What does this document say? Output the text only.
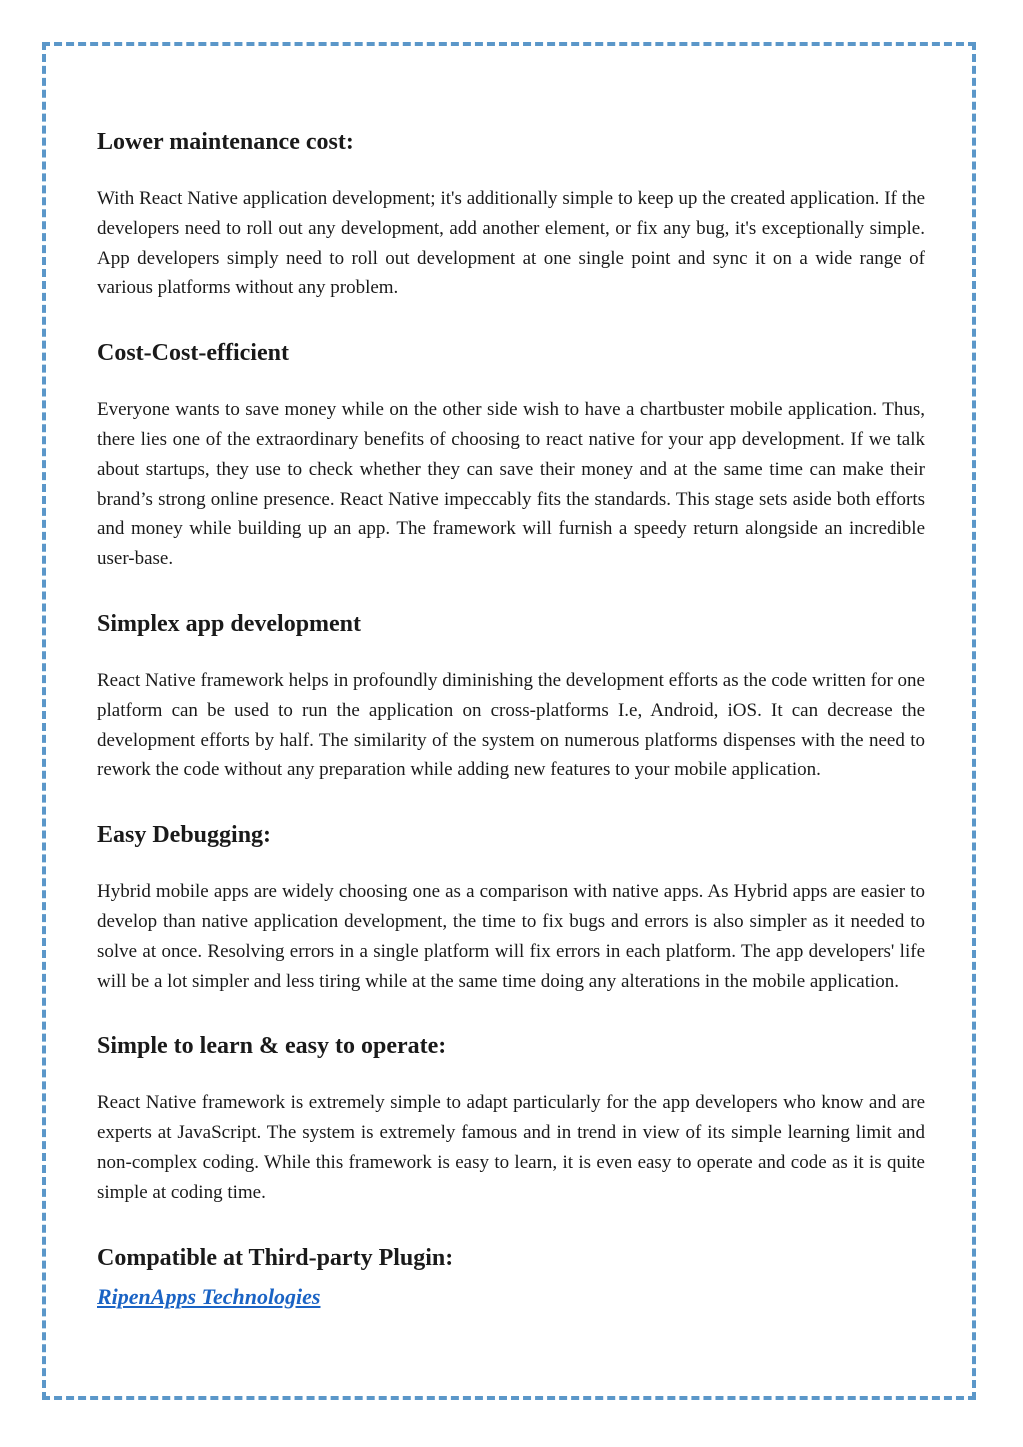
Lower maintenance cost:

With React Native application development; it's additionally simple to keep up the created application. If the developers need to roll out any development, add another element, or fix any bug, it's exceptionally simple. App developers simply need to roll out development at one single point and sync it on a wide range of various platforms without any problem.

Cost-Cost-efficient

Everyone wants to save money while on the other side wish to have a chartbuster mobile application. Thus, there lies one of the extraordinary benefits of choosing to react native for your app development. If we talk about startups, they use to check whether they can save their money and at the same time can make their brand’s strong online presence. React Native impeccably fits the standards. This stage sets aside both efforts and money while building up an app. The framework will furnish a speedy return alongside an incredible user-base.

Simplex app development

React Native framework helps in profoundly diminishing the development efforts as the code written for one platform can be used to run the application on cross-platforms I.e, Android, iOS. It can decrease the development efforts by half. The similarity of the system on numerous platforms dispenses with the need to rework the code without any preparation while adding new features to your mobile application.

Easy Debugging:

Hybrid mobile apps are widely choosing one as a comparison with native apps. As Hybrid apps are easier to develop than native application development, the time to fix bugs and errors is also simpler as it needed to solve at once. Resolving errors in a single platform will fix errors in each platform. The app developers' life will be a lot simpler and less tiring while at the same time doing any alterations in the mobile application.

Simple to learn & easy to operate:

React Native framework is extremely simple to adapt particularly for the app developers who know and are experts at JavaScript. The system is extremely famous and in trend in view of its simple learning limit and non-complex coding. While this framework is easy to learn, it is even easy to operate and code as it is quite simple at coding time.

Compatible at Third-party Plugin:
RipenApps Technologies
